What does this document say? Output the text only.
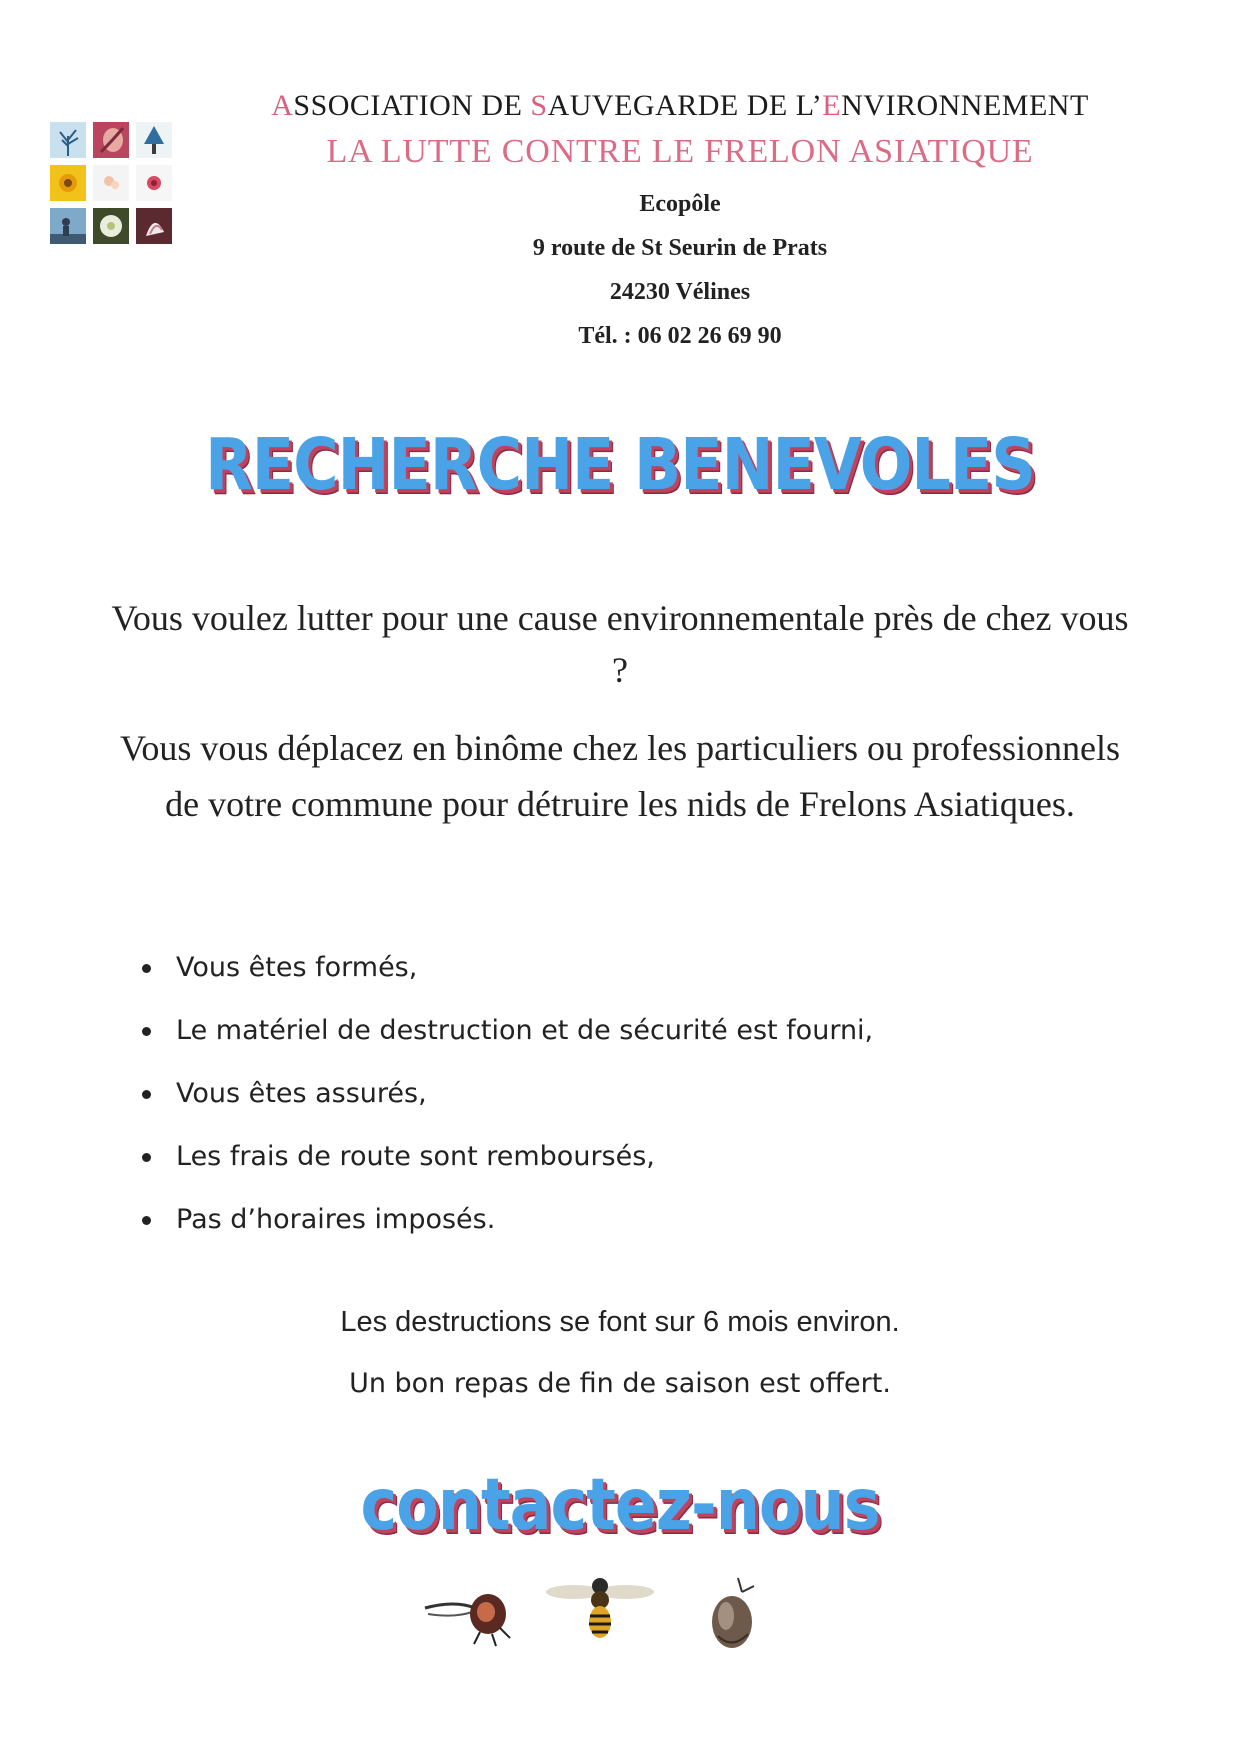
ASSOCIATION DE SAUVEGARDE DE L’ENVIRONNEMENT

LA LUTTE CONTRE LE FRELON ASIATIQUE

Ecopôle

9 route de St Seurin de Prats

24230 Vélines

Tél. : 06 02 26 69 90

RECHERCHE BENEVOLES
Vous voulez lutter pour une cause environnementale près de chez vous ?
Vous vous déplacez en binôme chez les particuliers ou professionnels de votre commune pour détruire les nids de Frelons Asiatiques.
Vous êtes formés,
Le matériel de destruction et de sécurité est fourni,
Vous êtes assurés,
Les frais de route sont remboursés,
Pas d’horaires imposés.
Les destructions se font sur 6 mois environ.
Un bon repas de fin de saison est offert.
contactez-nous
